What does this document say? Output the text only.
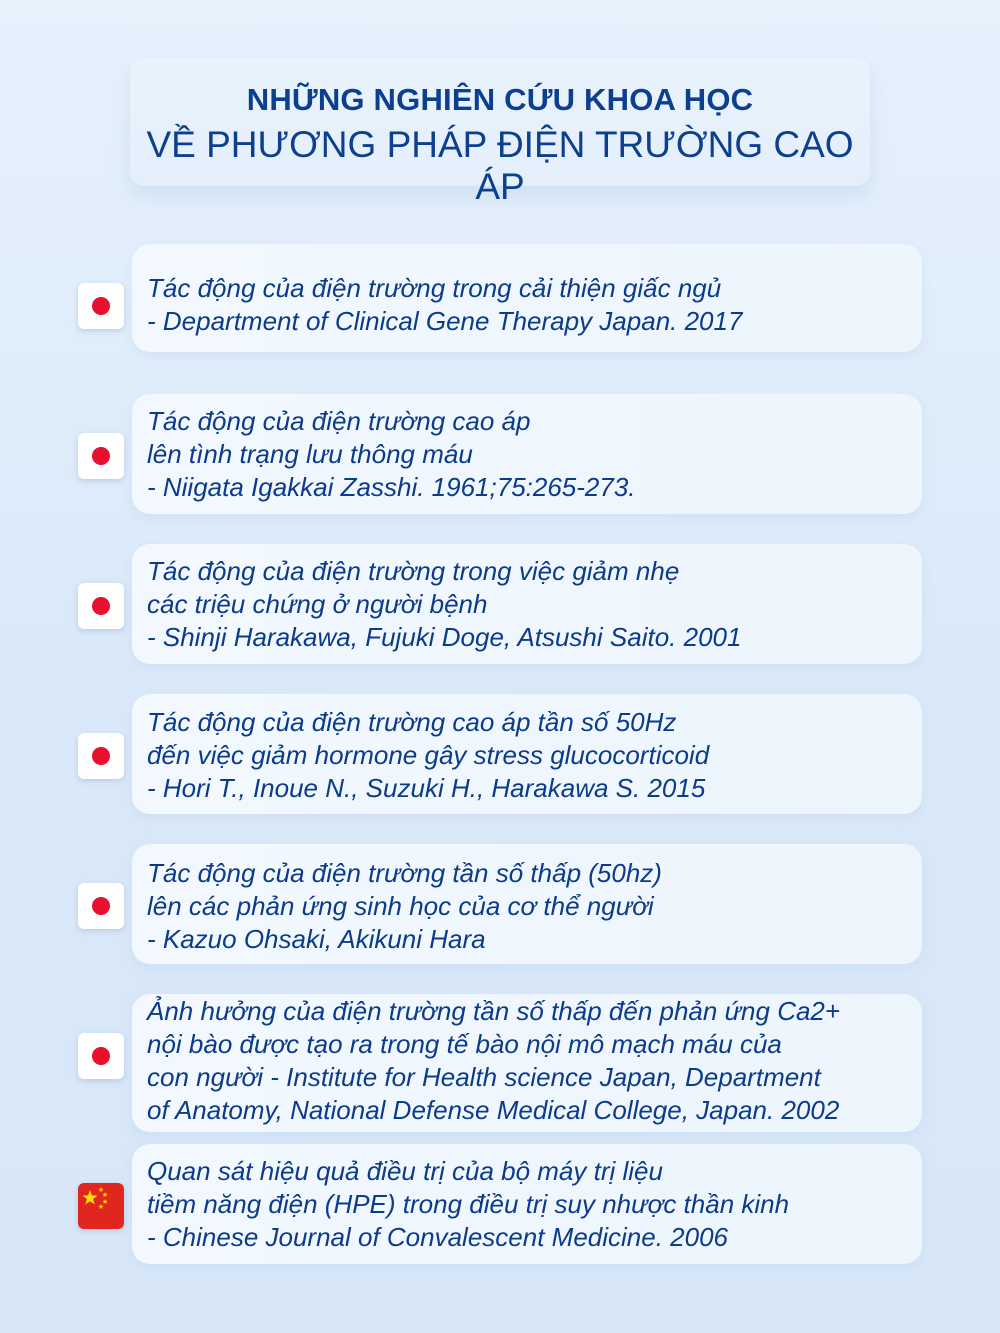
NHỮNG NGHIÊN CỨU KHOA HỌC
VỀ PHƯƠNG PHÁP ĐIỆN TRƯỜNG CAO ÁP
Tác động của điện trường trong cải thiện giấc ngủ
- Department of Clinical Gene Therapy Japan. 2017
Tác động của điện trường cao áp
lên tình trạng lưu thông máu
- Niigata Igakkai Zasshi. 1961;75:265-273.
Tác động của điện trường trong việc giảm nhẹ
các triệu chứng ở người bệnh
- Shinji Harakawa, Fujuki Doge, Atsushi Saito. 2001
Tác động của điện trường cao áp tần số 50Hz
đến việc giảm hormone gây stress glucocorticoid
- Hori T., Inoue N., Suzuki H., Harakawa S. 2015
Tác động của điện trường tần số thấp (50hz)
lên các phản ứng sinh học của cơ thể người
- Kazuo Ohsaki, Akikuni Hara
Ảnh hưởng của điện trường tần số thấp đến phản ứng Ca2+
nội bào được tạo ra trong tế bào nội mô mạch máu của
con người - Institute for Health science Japan, Department
of Anatomy, National Defense Medical College, Japan. 2002
Quan sát hiệu quả điều trị của bộ máy trị liệu
tiềm năng điện (HPE) trong điều trị suy nhược thần kinh
- Chinese Journal of Convalescent Medicine. 2006
